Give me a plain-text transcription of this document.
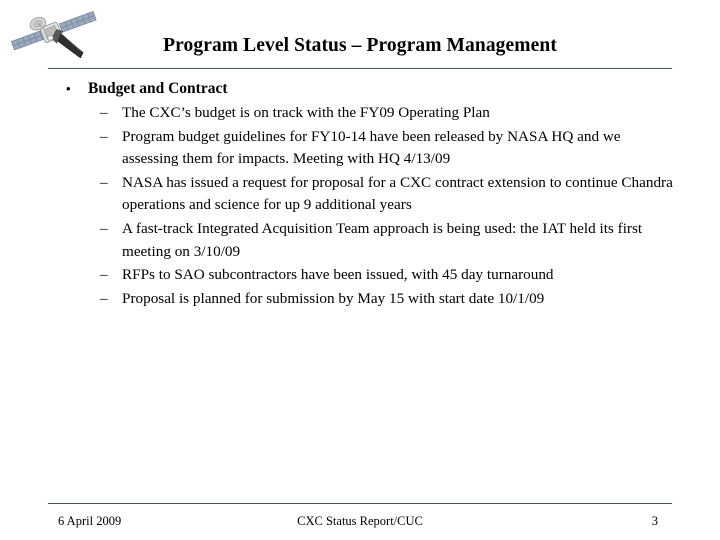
Program Level Status – Program Management
• Budget and Contract
– The CXC’s budget is on track with the FY09 Operating Plan
– Program budget guidelines for FY10-14 have been released by NASA HQ and we assessing them for impacts. Meeting with HQ 4/13/09
– NASA has issued a request for proposal for a CXC contract extension to continue Chandra operations and science for up 9 additional years
– A fast-track Integrated Acquisition Team approach is being used: the IAT held its first meeting on 3/10/09
– RFPs to SAO subcontractors have been issued, with 45 day turnaround
– Proposal is planned for submission by May 15 with start date 10/1/09
6 April 2009	CXC Status Report/CUC	3
